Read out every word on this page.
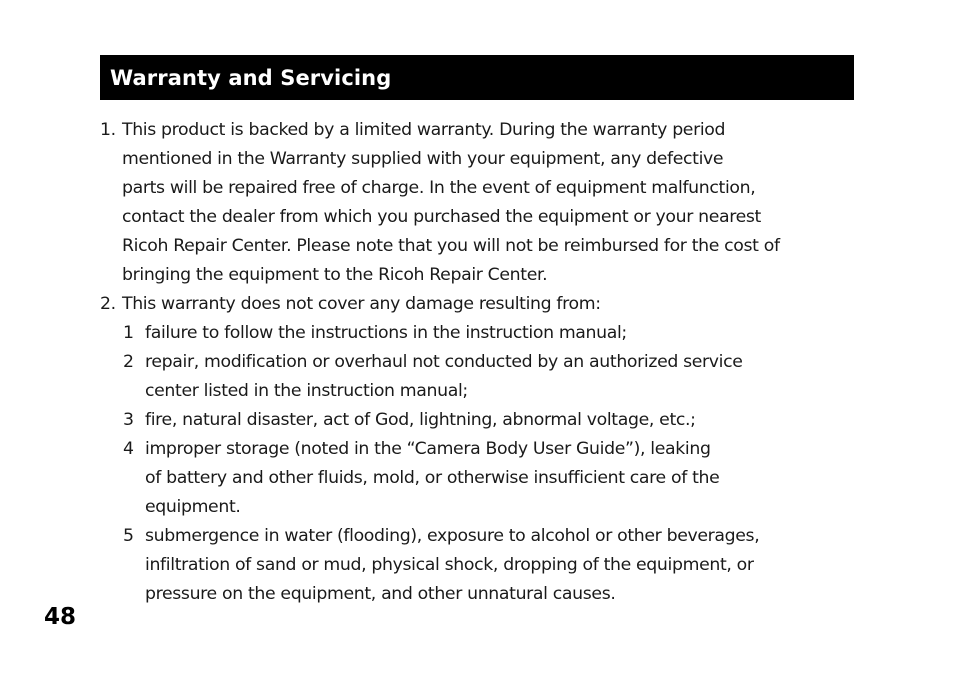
Warranty and Servicing
1. This product is backed by a limited warranty. During the warranty period
mentioned in the Warranty supplied with your equipment, any defective
parts will be repaired free of charge. In the event of equipment malfunction,
contact the dealer from which you purchased the equipment or your nearest
Ricoh Repair Center. Please note that you will not be reimbursed for the cost of
bringing the equipment to the Ricoh Repair Center.
2. This warranty does not cover any damage resulting from:
1 failure to follow the instructions in the instruction manual;
2 repair, modification or overhaul not conducted by an authorized service
center listed in the instruction manual;
3 fire, natural disaster, act of God, lightning, abnormal voltage, etc.;
4 improper storage (noted in the “Camera Body User Guide”), leaking
of battery and other fluids, mold, or otherwise insufficient care of the
equipment.
5 submergence in water (flooding), exposure to alcohol or other beverages,
infiltration of sand or mud, physical shock, dropping of the equipment, or
pressure on the equipment, and other unnatural causes.
48
